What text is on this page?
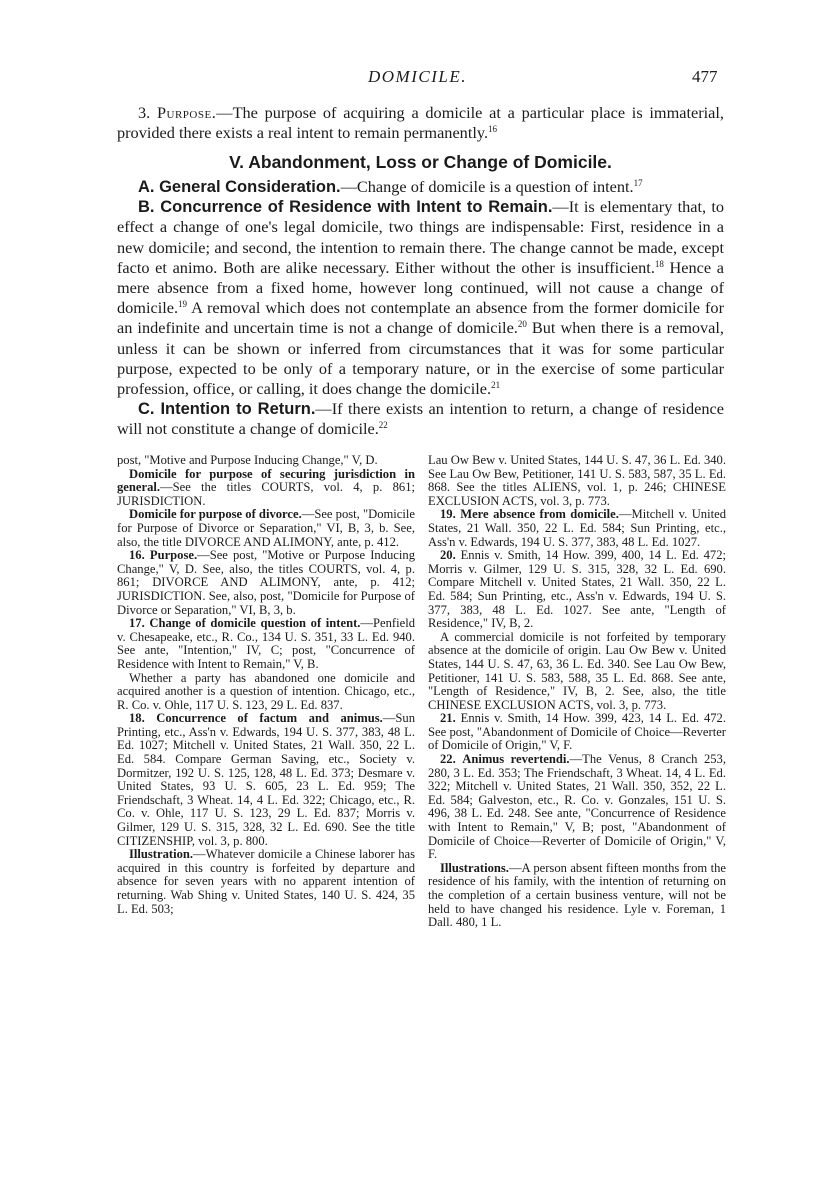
DOMICILE.	477

3. Purpose.—The purpose of acquiring a domicile at a particular place is immaterial, provided there exists a real intent to remain permanently.$^{16}$

V. Abandonment, Loss or Change of Domicile.

A. General Consideration.—Change of domicile is a question of intent.$^{17}$

B. Concurrence of Residence with Intent to Remain.—It is elementary that, to effect a change of one's legal domicile, two things are indispensable: First, residence in a new domicile; and second, the intention to remain there. The change cannot be made, except facto et animo. Both are alike necessary. Either without the other is insufficient.$^{18}$ Hence a mere absence from a fixed home, however long continued, will not cause a change of domicile.$^{19}$ A removal which does not contemplate an absence from the former domicile for an indefinite and uncertain time is not a change of domicile.$^{20}$ But when there is a removal, unless it can be shown or inferred from circumstances that it was for some particular purpose, expected to be only of a temporary nature, or in the exercise of some particular profession, office, or calling, it does change the domicile.$^{21}$

C. Intention to Return.—If there exists an intention to return, a change of residence will not constitute a change of domicile.$^{22}$

post, "Motive and Purpose Inducing Change," V, D.

Domicile for purpose of securing jurisdiction in general.—See the titles COURTS, vol. 4, p. 861; JURISDICTION.

Domicile for purpose of divorce.—See post, "Domicile for Purpose of Divorce or Separation," VI, B, 3, b. See, also, the title DIVORCE AND ALIMONY, ante, p. 412.

16. Purpose.—See post, "Motive or Purpose Inducing Change," V, D. See, also, the titles COURTS, vol. 4, p. 861; DIVORCE AND ALIMONY, ante, p. 412; JURISDICTION. See, also, post, "Domicile for Purpose of Divorce or Separation," VI, B, 3, b.

17. Change of domicile question of intent.—Penfield v. Chesapeake, etc., R. Co., 134 U. S. 351, 33 L. Ed. 940. See ante, "Intention," IV, C; post, "Concurrence of Residence with Intent to Remain," V, B.

Whether a party has abandoned one domicile and acquired another is a question of intention. Chicago, etc., R. Co. v. Ohle, 117 U. S. 123, 29 L. Ed. 837.

18. Concurrence of factum and animus.—Sun Printing, etc., Ass'n v. Edwards, 194 U. S. 377, 383, 48 L. Ed. 1027; Mitchell v. United States, 21 Wall. 350, 22 L. Ed. 584. Compare German Saving, etc., Society v. Dormitzer, 192 U. S. 125, 128, 48 L. Ed. 373; Desmare v. United States, 93 U. S. 605, 23 L. Ed. 959; The Friendschaft, 3 Wheat. 14, 4 L. Ed. 322; Chicago, etc., R. Co. v. Ohle, 117 U. S. 123, 29 L. Ed. 837; Morris v. Gilmer, 129 U. S. 315, 328, 32 L. Ed. 690. See the title CITIZENSHIP, vol. 3, p. 800.

Illustration.—Whatever domicile a Chinese laborer has acquired in this country is forfeited by departure and absence for seven years with no apparent intention of returning. Wab Shing v. United States, 140 U. S. 424, 35 L. Ed. 503;

Lau Ow Bew v. United States, 144 U. S. 47, 36 L. Ed. 340. See Lau Ow Bew, Petitioner, 141 U. S. 583, 587, 35 L. Ed. 868. See the titles ALIENS, vol. 1, p. 246; CHINESE EXCLUSION ACTS, vol. 3, p. 773.

19. Mere absence from domicile.—Mitchell v. United States, 21 Wall. 350, 22 L. Ed. 584; Sun Printing, etc., Ass'n v. Edwards, 194 U. S. 377, 383, 48 L. Ed. 1027.

20. Ennis v. Smith, 14 How. 399, 400, 14 L. Ed. 472; Morris v. Gilmer, 129 U. S. 315, 328, 32 L. Ed. 690. Compare Mitchell v. United States, 21 Wall. 350, 22 L. Ed. 584; Sun Printing, etc., Ass'n v. Edwards, 194 U. S. 377, 383, 48 L. Ed. 1027. See ante, "Length of Residence," IV, B, 2.

A commercial domicile is not forfeited by temporary absence at the domicile of origin. Lau Ow Bew v. United States, 144 U. S. 47, 63, 36 L. Ed. 340. See Lau Ow Bew, Petitioner, 141 U. S. 583, 588, 35 L. Ed. 868. See ante, "Length of Residence," IV, B, 2. See, also, the title CHINESE EXCLUSION ACTS, vol. 3, p. 773.

21. Ennis v. Smith, 14 How. 399, 423, 14 L. Ed. 472. See post, "Abandonment of Domicile of Choice—Reverter of Domicile of Origin," V, F.

22. Animus revertendi.—The Venus, 8 Cranch 253, 280, 3 L. Ed. 353; The Friendschaft, 3 Wheat. 14, 4 L. Ed. 322; Mitchell v. United States, 21 Wall. 350, 352, 22 L. Ed. 584; Galveston, etc., R. Co. v. Gonzales, 151 U. S. 496, 38 L. Ed. 248. See ante, "Concurrence of Residence with Intent to Remain," V, B; post, "Abandonment of Domicile of Choice—Reverter of Domicile of Origin," V, F.

Illustrations.—A person absent fifteen months from the residence of his family, with the intention of returning on the completion of a certain business venture, will not be held to have changed his residence. Lyle v. Foreman, 1 Dall. 480, 1 L.
